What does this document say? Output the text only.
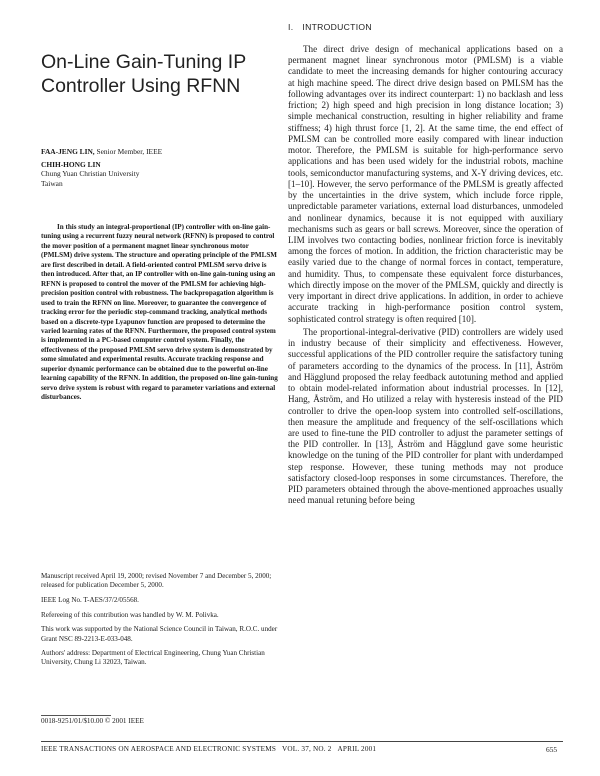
On-Line Gain-Tuning IP
Controller Using RFNN
FAA-JENG LIN, Senior Member, IEEE
CHIH-HONG LIN
Chung Yuan Christian University
Taiwan

In this study an integral-proportional (IP) controller with on-line gain-tuning using a recurrent fuzzy neural network (RFNN) is proposed to control the mover position of a permanent magnet linear synchronous motor (PMLSM) drive system. The structure and operating principle of the PMLSM are first described in detail. A field-oriented control PMLSM servo drive is then introduced. After that, an IP controller with on-line gain-tuning using an RFNN is proposed to control the mover of the PMLSM for achieving high-precision position control with robustness. The backpropagation algorithm is used to train the RFNN on line. Moreover, to guarantee the convergence of tracking error for the periodic step-command tracking, analytical methods based on a discrete-type Lyapunov function are proposed to determine the varied learning rates of the RFNN. Furthermore, the proposed control system is implemented in a PC-based computer control system. Finally, the effectiveness of the proposed PMLSM servo drive system is demonstrated by some simulated and experimental results. Accurate tracking response and superior dynamic performance can be obtained due to the powerful on-line learning capability of the RFNN. In addition, the proposed on-line gain-tuning servo drive system is robust with regard to parameter variations and external disturbances.

Manuscript received April 19, 2000; revised November 7 and December 5, 2000; released for publication December 5, 2000.

IEEE Log No. T-AES/37/2/05568.

Refereeing of this contribution was handled by W. M. Polivka.

This work was supported by the National Science Council in Taiwan, R.O.C. under Grant NSC 89-2213-E-033-048.

Authors' address: Department of Electrical Engineering, Chung Yuan Christian University, Chung Li 32023, Taiwan.

0018-9251/01/$10.00 © 2001 IEEE
I. INTRODUCTION

The direct drive design of mechanical applications based on a permanent magnet linear synchronous motor (PMLSM) is a viable candidate to meet the increasing demands for higher contouring accuracy at high machine speed. The direct drive design based on PMLSM has the following advantages over its indirect counterpart: 1) no backlash and less friction; 2) high speed and high precision in long distance location; 3) simple mechanical construction, resulting in higher reliability and frame stiffness; 4) high thrust force [1, 2]. At the same time, the end effect of PMLSM can be controlled more easily compared with linear induction motor. Therefore, the PMLSM is suitable for high-performance servo applications and has been used widely for the industrial robots, machine tools, semiconductor manufacturing systems, and X-Y driving devices, etc. [1–10]. However, the servo performance of the PMLSM is greatly affected by the uncertainties in the drive system, which include force ripple, unpredictable parameter variations, external load disturbances, unmodeled and nonlinear dynamics, because it is not equipped with auxiliary mechanisms such as gears or ball screws. Moreover, since the operation of LIM involves two contacting bodies, nonlinear friction force is inevitably among the forces of motion. In addition, the friction characteristic may be easily varied due to the change of normal forces in contact, temperature, and humidity. Thus, to compensate these equivalent force disturbances, which directly impose on the mover of the PMLSM, quickly and directly is very important in direct drive applications. In addition, in order to achieve accurate tracking in high-performance position control system, sophisticated control strategy is often required [10].

The proportional-integral-derivative (PID) controllers are widely used in industry because of their simplicity and effectiveness. However, successful applications of the PID controller require the satisfactory tuning of parameters according to the dynamics of the process. In [11], Åström and Hägglund proposed the relay feedback autotuning method and applied to obtain model-related information about industrial processes. In [12], Hang, Åström, and Ho utilized a relay with hysteresis instead of the PID controller to drive the open-loop system into controlled self-oscillations, then measure the amplitude and frequency of the self-oscillations which are used to fine-tune the PID controller to adjust the parameter settings of the PID controller. In [13], Åström and Hägglund gave some heuristic knowledge on the tuning of the PID controller for plant with underdamped step response. However, these tuning methods may not produce satisfactory closed-loop responses in some circumstances. Therefore, the PID parameters obtained through the above-mentioned approaches usually need manual retuning before being

IEEE TRANSACTIONS ON AEROSPACE AND ELECTRONIC SYSTEMS VOL. 37, NO. 2 APRIL 2001	655
